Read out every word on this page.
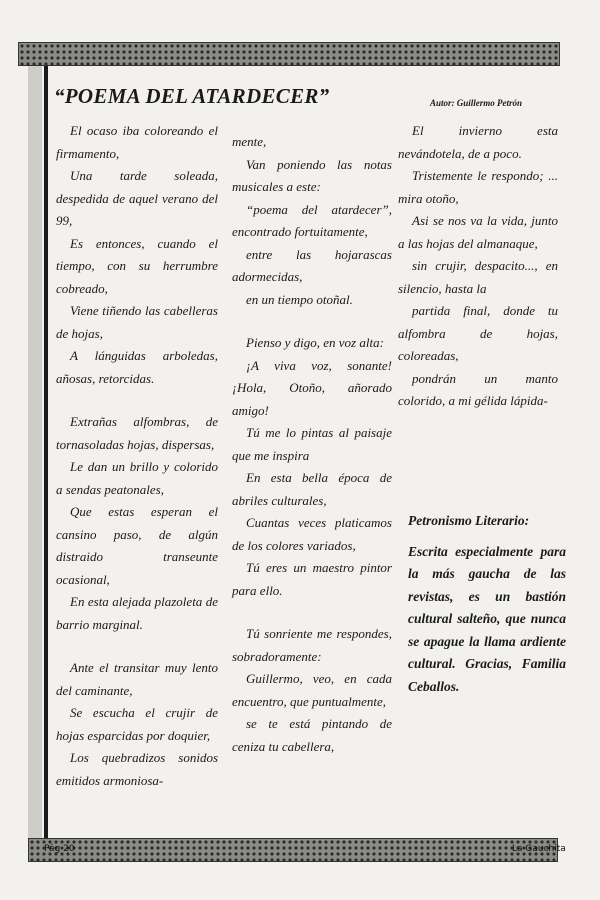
“POEMA DEL ATARDECER”	Autor: Guillermo Petrón

El ocaso iba coloreando el firmamento,

Una tarde soleada, despedida de aquel verano del 99,

Es entonces, cuando el tiempo, con su herrumbre cobreado,

Viene tiñendo las cabelleras de hojas,

A lánguidas arboledas, añosas, retorcidas.

Extrañas alfombras, de tornasoladas hojas, dispersas,

Le dan un brillo y colorido a sendas peatonales,

Que estas esperan el cansino paso, de algún distraido transeunte ocasional,

En esta alejada plazoleta de barrio marginal.

Ante el transitar muy lento del caminante,

Se escucha el crujir de hojas esparcidas por doquier,

Los quebradizos sonidos emitidos armoniosa-

mente,

Van poniendo las notas musicales a este:

“poema del atardecer”, encontrado fortuitamente,

entre las hojarascas adormecidas,

en un tiempo otoñal.

Pienso y digo, en voz alta:

¡A viva voz, sonante! ¡Hola, Otoño, añorado amigo!

Tú me lo pintas al paisaje que me inspira

En esta bella época de abriles culturales,

Cuantas veces platicamos de los colores variados,

Tú eres un maestro pintor para ello.

Tú sonriente me respondes, sobradoramente:

Guillermo, veo, en cada encuentro, que puntualmente,

se te está pintando de ceniza tu cabellera,

El invierno esta nevándotela, de a poco.

Tristemente le respondo; ... mira otoño,

Asi se nos va la vida, junto a las hojas del almanaque,

sin crujir, despacito..., en silencio, hasta la

partida final, donde tu alfombra de hojas, coloreadas,

pondrán un manto colorido, a mi gélida lápida-

Petronismo Literario:

Escrita especialmente para la más gaucha de las revistas, es un bastión cultural salteño, que nunca se apague la llama ardiente cultural. Gracias, Familia Ceballos.

Pág 20	La Gauchita
